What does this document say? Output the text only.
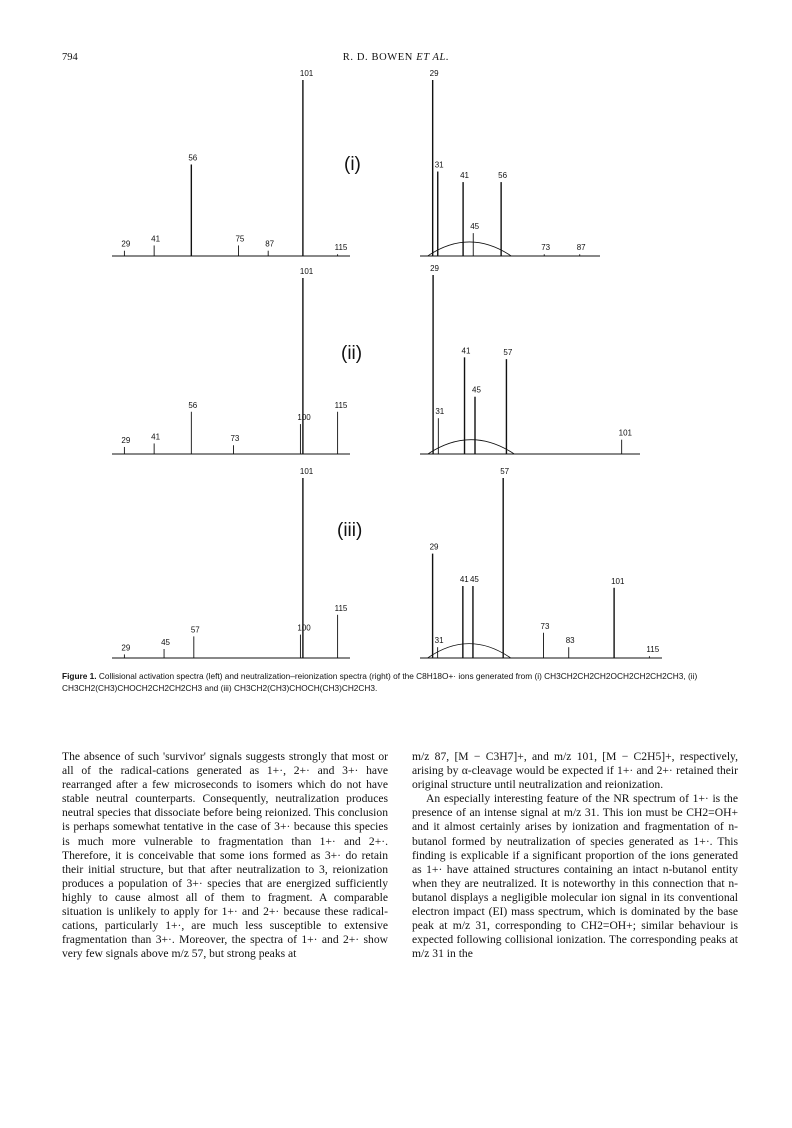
794	R. D. BOWEN ET AL.
29
41
56
75
87
101
115
29
31
41
45
56
73	87
29	41
56
73
100
101
115
29
31
41
45
57
101
29
45
57	100
101
115
29
31
41 45
57
73
83
101
115
(i)
(ii)
(iii)
Figure 1. Collisional activation spectra (left) and neutralization–reionization spectra (right) of the C8H18O+· ions generated from (i) CH3CH2CH2CH2OCH2CH2CH2CH3, (ii) CH3CH2(CH3)CHOCH2CH2CH2CH3 and (iii) CH3CH2(CH3)CHOCH(CH3)CH2CH3.

The absence of such 'survivor' signals suggests strongly that most or all of the radical-cations generated as 1+·, 2+· and 3+· have rearranged after a few microseconds to isomers which do not have stable neutral counterparts. Consequently, neutralization produces neutral species that dissociate before being reionized. This conclusion is perhaps somewhat tentative in the case of 3+· because this species is much more vulnerable to fragmentation than 1+· and 2+·. Therefore, it is conceivable that some ions formed as 3+· do retain their initial structure, but that after neutralization to 3, reionization produces a population of 3+· species that are energized sufficiently highly to cause almost all of them to fragment. A comparable situation is unlikely to apply for 1+· and 2+· because these radical-cations, particularly 1+·, are much less susceptible to extensive fragmentation than 3+·. Moreover, the spectra of 1+· and 2+· show very few signals above m/z 57, but strong peaks at

m/z 87, [M − C3H7]+, and m/z 101, [M − C2H5]+, respectively, arising by α-cleavage would be expected if 1+· and 2+· retained their original structure until neutralization and reionization.

An especially interesting feature of the NR spectrum of 1+· is the presence of an intense signal at m/z 31. This ion must be CH2=OH+ and it almost certainly arises by ionization and fragmentation of n-butanol formed by neutralization of species generated as 1+·. This finding is explicable if a significant proportion of the ions generated as 1+· have attained structures containing an intact n-butanol entity when they are neutralized. It is noteworthy in this connection that n-butanol displays a negligible molecular ion signal in its conventional electron impact (EI) mass spectrum, which is dominated by the base peak at m/z 31, corresponding to CH2=OH+; similar behaviour is expected following collisional ionization. The corresponding peaks at m/z 31 in the
